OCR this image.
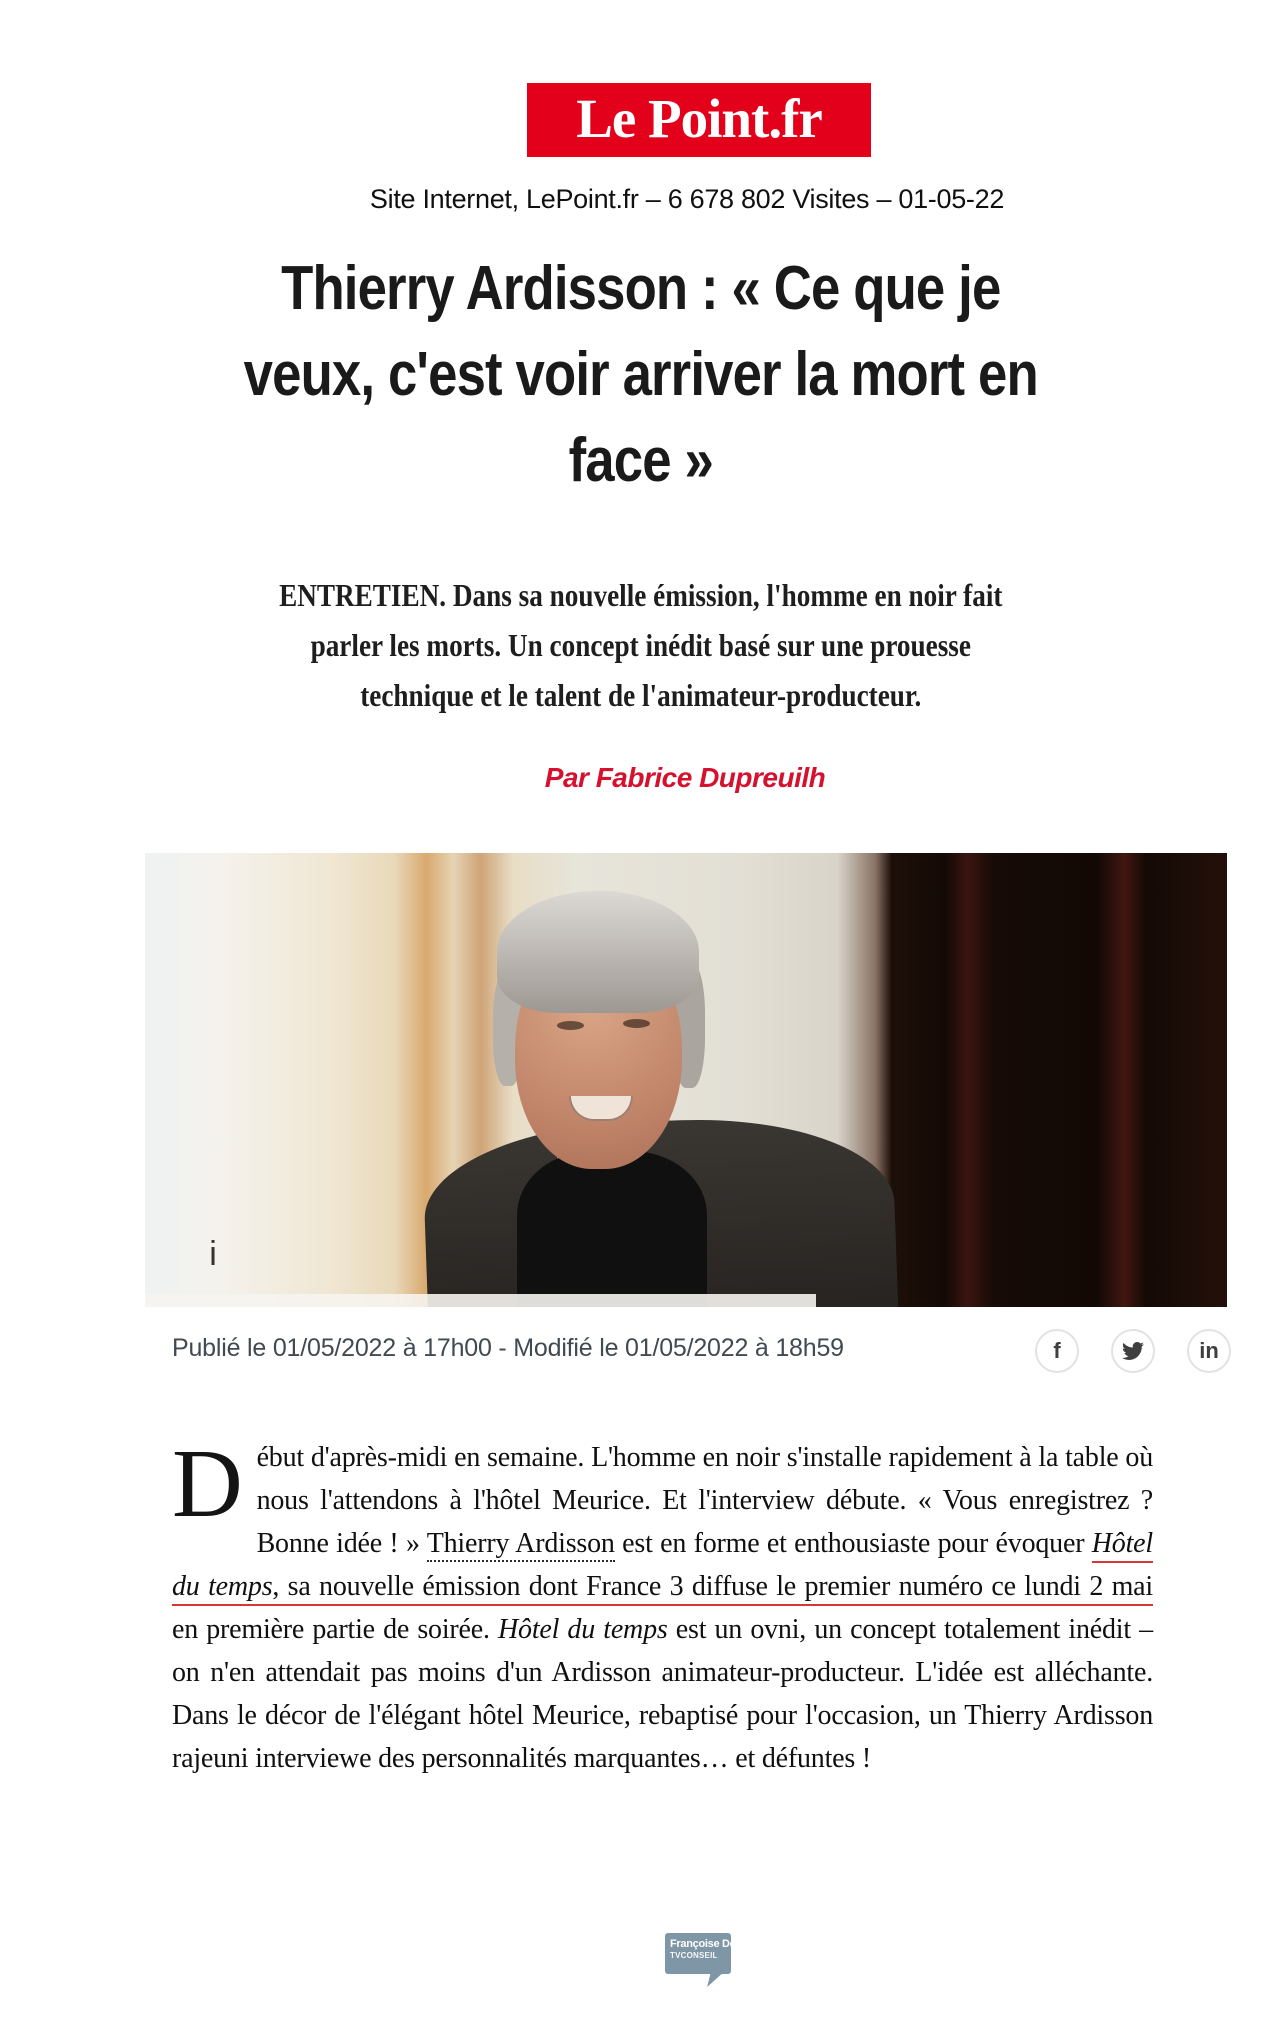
Le Point.fr
Site Internet, LePoint.fr – 6 678 802 Visites – 01-05-22
Thierry Ardisson : « Ce que je
veux, c'est voir arriver la mort en
face »
ENTRETIEN. Dans sa nouvelle émission, l'homme en noir fait
parler les morts. Un concept inédit basé sur une prouesse
technique et le talent de l'animateur-producteur.
Par Fabrice Dupreuilh
i
Publié le 01/05/2022 à 17h00 - Modifié le 01/05/2022 à 18h59	f	in

Début d'après-midi en semaine. L'homme en noir s'installe rapidement à la table où nous l'attendons à l'hôtel Meurice. Et l'interview débute. « Vous enregistrez ? Bonne idée ! » Thierry Ardisson est en forme et enthousiaste pour évoquer Hôtel du temps, sa nouvelle émission dont France 3 diffuse le premier numéro ce lundi 2 mai en première partie de soirée. Hôtel du temps est un ovni, un concept totalement inédit – on n'en attendait pas moins d'un Ardisson animateur-producteur. L'idée est alléchante. Dans le décor de l'élégant hôtel Meurice, rebaptisé pour l'occasion, un Thierry Ardisson rajeuni interviewe des personnalités marquantes… et défuntes !

Françoise Doux
TVCONSEIL
